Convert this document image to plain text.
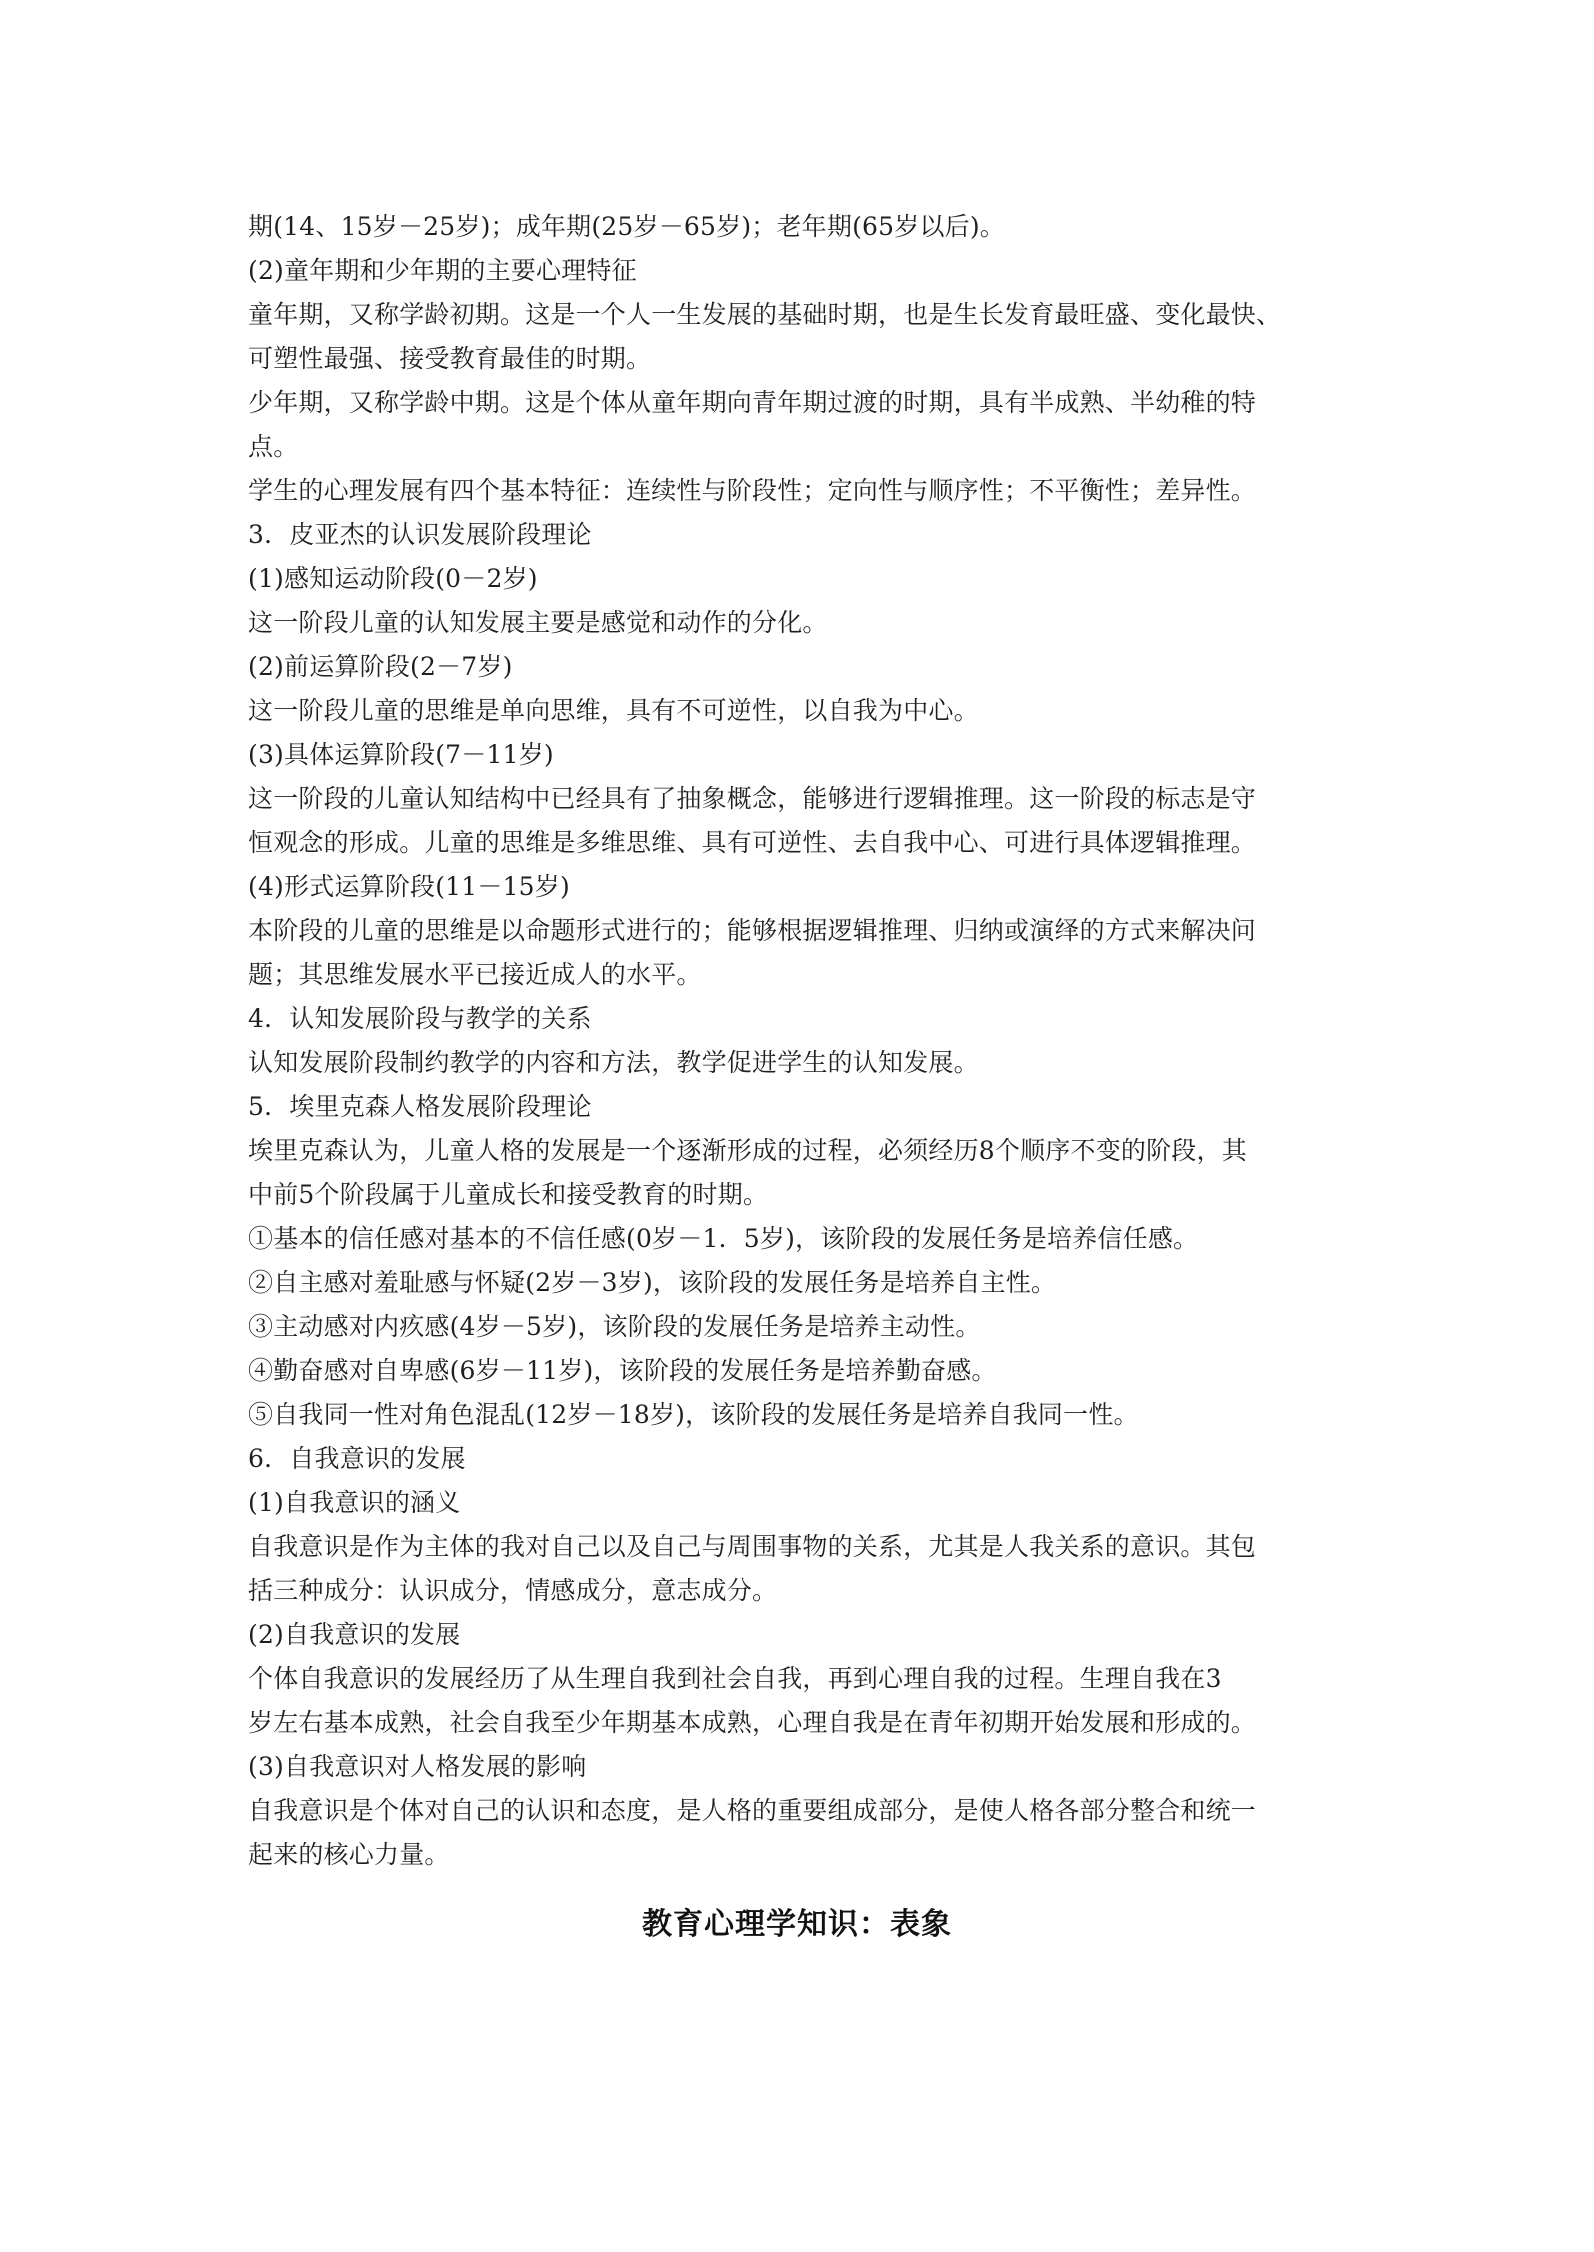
期(14、15岁－25岁)；成年期(25岁－65岁)；老年期(65岁以后)。
(2)童年期和少年期的主要心理特征
童年期，又称学龄初期。这是一个人一生发展的基础时期，也是生长发育最旺盛、变化最快、
可塑性最强、接受教育最佳的时期。
少年期，又称学龄中期。这是个体从童年期向青年期过渡的时期，具有半成熟、半幼稚的特
点。
学生的心理发展有四个基本特征：连续性与阶段性；定向性与顺序性；不平衡性；差异性。
3．皮亚杰的认识发展阶段理论
(1)感知运动阶段(0－2岁)
这一阶段儿童的认知发展主要是感觉和动作的分化。
(2)前运算阶段(2－7岁)
这一阶段儿童的思维是单向思维，具有不可逆性，以自我为中心。
(3)具体运算阶段(7－11岁)
这一阶段的儿童认知结构中已经具有了抽象概念，能够进行逻辑推理。这一阶段的标志是守
恒观念的形成。儿童的思维是多维思维、具有可逆性、去自我中心、可进行具体逻辑推理。
(4)形式运算阶段(11－15岁)
本阶段的儿童的思维是以命题形式进行的；能够根据逻辑推理、归纳或演绎的方式来解决问
题；其思维发展水平已接近成人的水平。
4．认知发展阶段与教学的关系
认知发展阶段制约教学的内容和方法，教学促进学生的认知发展。
5．埃里克森人格发展阶段理论
埃里克森认为，儿童人格的发展是一个逐渐形成的过程，必须经历8个顺序不变的阶段，其
中前5个阶段属于儿童成长和接受教育的时期。
①基本的信任感对基本的不信任感(0岁－1．5岁)，该阶段的发展任务是培养信任感。
②自主感对羞耻感与怀疑(2岁－3岁)，该阶段的发展任务是培养自主性。
③主动感对内疚感(4岁－5岁)，该阶段的发展任务是培养主动性。
④勤奋感对自卑感(6岁－11岁)，该阶段的发展任务是培养勤奋感。
⑤自我同一性对角色混乱(12岁－18岁)，该阶段的发展任务是培养自我同一性。
6．自我意识的发展
(1)自我意识的涵义
自我意识是作为主体的我对自己以及自己与周围事物的关系，尤其是人我关系的意识。其包
括三种成分：认识成分，情感成分，意志成分。
(2)自我意识的发展
个体自我意识的发展经历了从生理自我到社会自我，再到心理自我的过程。生理自我在3
岁左右基本成熟，社会自我至少年期基本成熟，心理自我是在青年初期开始发展和形成的。
(3)自我意识对人格发展的影响
自我意识是个体对自己的认识和态度，是人格的重要组成部分，是使人格各部分整合和统一
起来的核心力量。
教育心理学知识：表象
